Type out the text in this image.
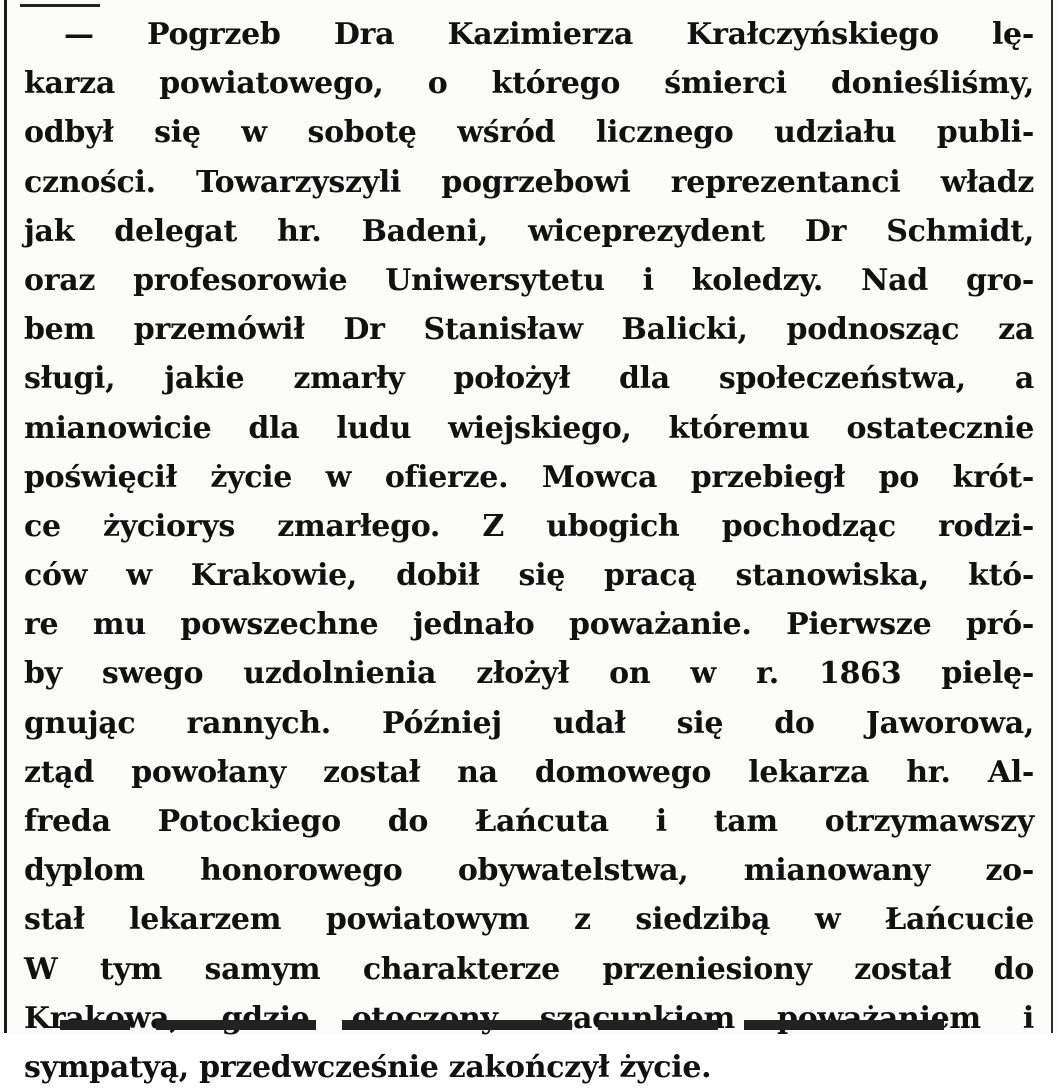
— Pogrzeb Dra Kazimierza Krałczyńskiego lę-
karza powiatowego, o którego śmierci donieśliśmy,
odbył się w sobotę wśród licznego udziału publi-
czności. Towarzyszyli pogrzebowi reprezentanci władz
jak delegat hr. Badeni, wiceprezydent Dr Schmidt,
oraz profesorowie Uniwersytetu i koledzy. Nad gro-
bem przemówił Dr Stanisław Balicki, podnosząc za
sługi, jakie zmarły położył dla społeczeństwa, a
mianowicie dla ludu wiejskiego, któremu ostatecznie
poświęcił życie w ofierze. Mowca przebiegł po krót-
ce życiorys zmarłego. Z ubogich pochodząc rodzi-
ców w Krakowie, dobił się pracą stanowiska, któ-
re mu powszechne jednało poważanie. Pierwsze pró-
by swego uzdolnienia złożył on w r. 1863 pielę-
gnując rannych. Później udał się do Jaworowa,
ztąd powołany został na domowego lekarza hr. Al-
freda Potockiego do Łańcuta i tam otrzymawszy
dyplom honorowego obywatelstwa, mianowany zo-
stał lekarzem powiatowym z siedzibą w Łańcucie
W tym samym charakterze przeniesiony został do
Krakowa, gdzie otoczony szacunkiem poważaniem i
sympatyą, przedwcześnie zakończył życie.
